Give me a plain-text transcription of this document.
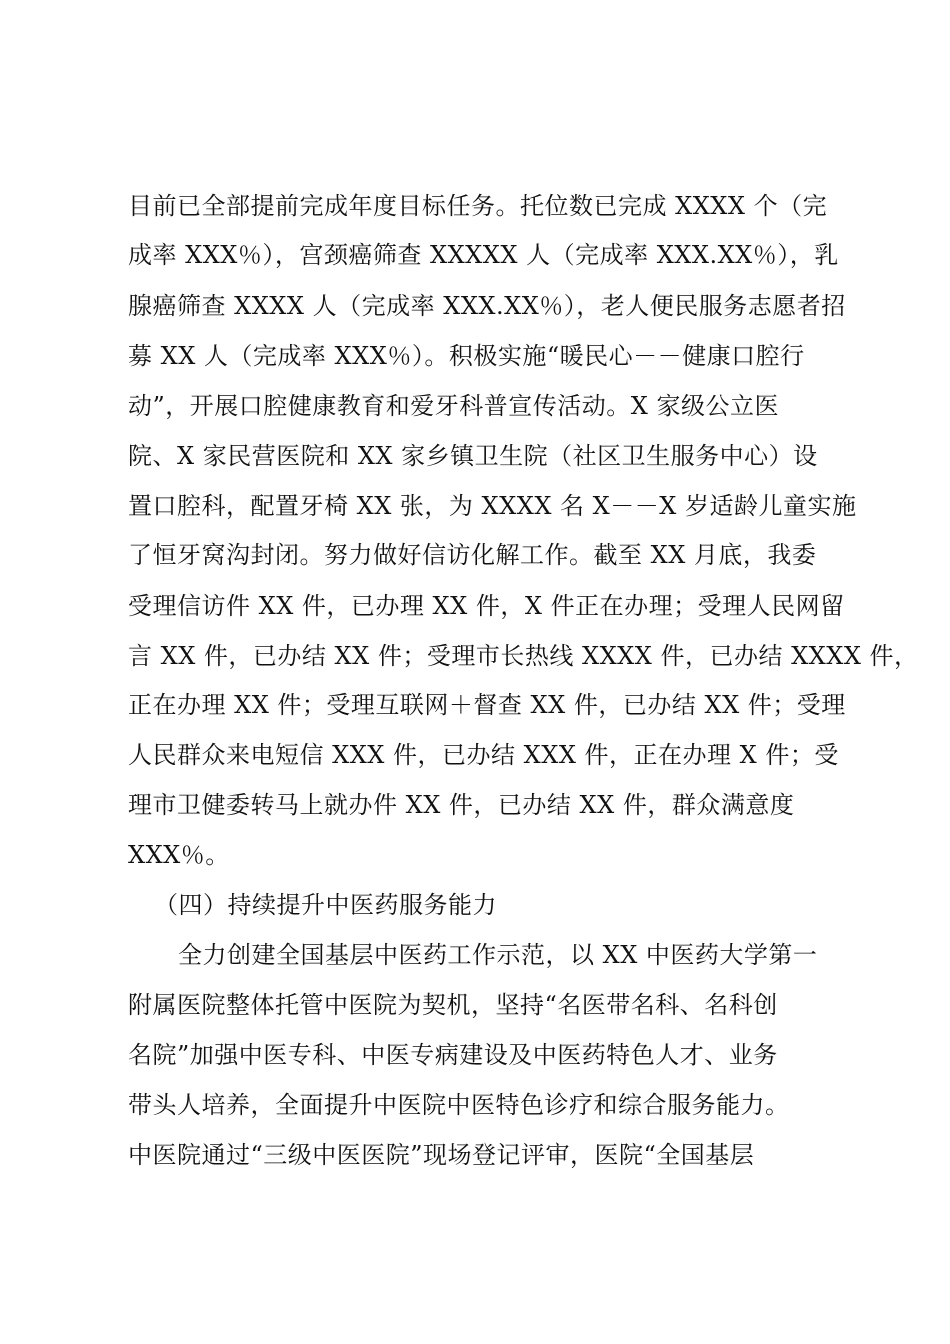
目前已全部提前完成年度目标任务。托位数已完成 XXXX 个（完
成率 XXX％），宫颈癌筛查 XXXXX 人（完成率 XXX.XX％），乳
腺癌筛查 XXXX 人（完成率 XXX.XX％），老人便民服务志愿者招
募 XX 人（完成率 XXX％）。积极实施“暖民心－－健康口腔行
动”，开展口腔健康教育和爱牙科普宣传活动。X 家级公立医
院、X 家民营医院和 XX 家乡镇卫生院（社区卫生服务中心）设
置口腔科，配置牙椅 XX 张，为 XXXX 名 X－－X 岁适龄儿童实施
了恒牙窝沟封闭。努力做好信访化解工作。截至 XX 月底，我委
受理信访件 XX 件，已办理 XX 件，X 件正在办理；受理人民网留
言 XX 件，已办结 XX 件；受理市长热线 XXXX 件，已办结 XXXX 件，
正在办理 XX 件；受理互联网＋督查 XX 件，已办结 XX 件；受理
人民群众来电短信 XXX 件，已办结 XXX 件，正在办理 X 件；受
理市卫健委转马上就办件 XX 件，已办结 XX 件，群众满意度
XXX％。
（四）持续提升中医药服务能力
全力创建全国基层中医药工作示范，以 XX 中医药大学第一
附属医院整体托管中医院为契机，坚持“名医带名科、名科创
名院”加强中医专科、中医专病建设及中医药特色人才、业务
带头人培养，全面提升中医院中医特色诊疗和综合服务能力。
中医院通过“三级中医医院”现场登记评审，医院“全国基层
